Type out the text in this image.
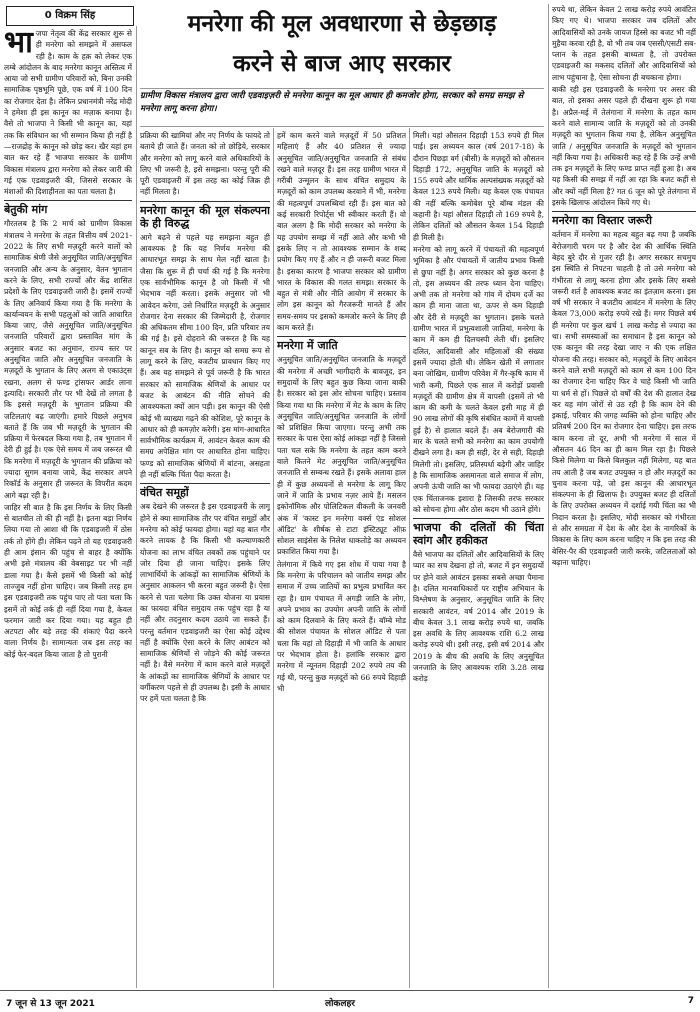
0 विक्रम सिंह	मनरेगा की मूल अवधारणा से छेड़छाड़
करने से बाज आए सरकार
ग्रामीण विकास मंत्रालय द्वारा जारी एडवाइज़री से मनरेगा कानून का मूल आधार ही कमजोर होगा, सरकार को समग्र समझ से मनरेगा लागू करना होगा।

भाजपा नेतृत्व की केंद्र सरकार शुरू से ही मनरेगा को समझने में असफल रही है। काम के हक़ को लेकर एक लम्बे आंदोलन के बाद मनरेगा कानून अस्तित्व में आया जो सभी ग्रामीण परिवारों को, बिना उनकी सामाजिक पृष्ठभूमि पूछे, एक वर्ष में 100 दिन का रोजगार देता है। लेकिन प्रधानमंत्री नरेंद्र मोदी ने हमेशा ही इस कानून का मज़ाक बनाया है। वैसे तो भाजपा ने किसी भी कानून का, यहां तक कि संविधान का भी सम्मान किया ही नहीं है—राजद्रोह के कानून को छोड़ कर। खैर यहां हम बात कर रहे हैं भाजपा सरकार के ग्रामीण विकास मंत्रालय द्वारा मनरेगा को लेकर जारी की गई एक एडवाइजरी की, जिससे सरकार के मंशाओं की दिशाहीनता का पता चलता है।

बेतुकी मांग

गौरतलब है कि 2 मार्च को ग्रामीण विकास मंत्रालय ने मनरेगा के तहत वित्तीय वर्ष 2021-2022 के लिए सभी मज़दूरी करने वालों को सामाजिक श्रेणी जैसे अनुसूचित जाति/अनुसूचित जनजाति और अन्य के अनुसार, वेतन भुगतान करने के लिए, सभी राज्यों और केंद्र शासित प्रदेशों के लिए एडवाइजरी जारी है। इसमें राज्यों के लिए अनिवार्य किया गया है कि मनरेगा के कार्यान्वयन के सभी पहलुओं को जाति आधारित किया जाए, जैसे अनुसूचित जाति/अनुसूचित जनजाति परिवारों द्वारा प्रस्तावित मांग के अनुसार बजट का अनुमान, राज्य स्तर पर अनुसूचित जाति और अनुसूचित जनजाति के मज़दूरों के भुगतान के लिए अलग से एकाउंट्स रखना, अलग से फण्ड ट्रांसफर आर्डर लाना इत्यादि। सरकारी तौर पर भी देखें तो लगता है कि इससे मज़दूरी के भुगतान प्रक्रिया की जटिलताएं बढ़ जाएंगी। हमारे पिछले अनुभव बताते हैं कि जब भी मज़दूरी के भुगतान की प्रक्रिया में फेरबदल किया गया है, तब भुगतान में देरी ही हुई है। एक ऐसे समय में जब जरूरत थी कि मनरेगा में मज़दूरी के भुगतान की प्रक्रिया को ज्यादा सुगम बनाया जाये, केंद्र सरकार अपने रिकॉर्ड के अनुसार ही जरूरत के विपरीत कदम आगे बढ़ा रही है।

जाहिर सी बात है कि इस निर्णय के लिए किसी से बातचीत तो की ही नहीं है। इतना बड़ा निर्णय लिया गया तो आशा थी कि एडवाइजरी में ठोस तर्क तो होंगे ही। लेकिन पढ़ने तो यह एडवाइजरी ही आम इंसान की पहुंच से बाहर है क्योंकि अभी इसे मंत्रालय की वेबसाइट पर भी नहीं डाला गया है। कैसे इसमें भी किसी को कोई ताज्जुब नहीं होना चाहिए। जब किसी तरह हम इस एडवाइजरी तक पहुंच पाए तो पता चला कि इसमें तो कोई तर्क ही नहीं दिया गया है, केवल फरमान जारी कर दिया गया। यह बहुत ही अटपटा और बड़े तरह की शंकाएं पैदा करने वाला निर्णय है। सामान्यतः जब इस तरह का कोई फेर-बदल किया जाता है तो पुरानी

प्रक्रिया की खामियां और नए निर्णय के फायदे तो बताये ही जाते हैं। जनता को तो छोड़िये, सरकार और मनरेगा को लागू करने वाले अधिकारियों के लिए भी जरूरी है, इसे समझना। परन्तु पूरी की पूरी एडवाइजरी में इस तरह का कोई जिक्र ही नहीं मिलता है।

मनरेगा कानून की मूल संकल्पना के ही विरुद्ध

आगे बढ़ने से पहले यह समझना बहुत ही आवश्यक है कि यह निर्णय मनरेगा की आधारभूत समझ के साथ मेल नहीं खाता है। जैसा कि शुरू में ही चर्चा की गई है कि मनरेगा एक सार्वभौमिक कानून है जो किसी में भी भेदभाव नहीं करता। इसके अनुसार जो भी आवेदन करेगा, उसे निर्धारित मज़दूरी के अनुसार रोजगार देना सरकार की जिम्मेदारी है, रोजगार की अधिकतम सीमा 100 दिन, प्रति परिवार तय की गई है। इसे दोहराने की जरूरत है कि यह कानून सब के लिए है। कानून को समग्र रूप से लागू करने के लिए, बजटीय प्रावधान किए गए हैं। अब यह समझने से पूर्व जरूरी है कि भारत सरकार को सामाजिक श्रेणियों के आधार पर बजट के आबंटन की नीति सोचने की आवश्यकता क्यों आन पड़ी। इस कानून की ऐसी कोई भी व्याख्या गढ़ने की कोशिश, पूरे कानून के आधार को ही कमज़ोर करेगी। इस मांग-आधारित सार्वभौमिक कार्यक्रम में, आवंटन केवल काम की समग्र अपेक्षित मांग पर आधारित होना चाहिए। फण्ड को सामाजिक श्रेणियों में बांटना, असहता ही नहीं बल्कि चिंता पैदा करता है।

वंचित समूहों

अब देखने की जरूरत है इस एडवाइजरी के लागू होने से क्या सामाजिक तौर पर वंचित समूहों और मनरेगा को कोई फायदा होगा। यहां यह बात गौर करने लायक है कि किसी भी कल्याणकारी योजना का लाभ वंचित तबकों तक पहुंचाने पर जोर दिया ही जाना चाहिए। इसके लिए लाभार्थियों के आंकड़ों का सामाजिक श्रेणियों के अनुसार आकलन भी करना बहुत जरूरी है। ऐसा करने से पता चलेगा कि उक्त योजना या प्रयास का फायदा वंचित समुदाय तक पहुंच रहा है या नहीं और तदनुसार कदम उठाये जा सकते हैं। परन्तु वर्तमान एडवाइजरी का ऐसा कोई उद्देश्य नहीं है क्योंकि ऐसा करने के लिए आबंटन को सामाजिक श्रेणियों से जोड़ने की कोई जरूरत नहीं है। वैसे मनरेगा में काम करने वाले मज़दूरों के आंकड़ों का सामाजिक श्रेणियों के आधार पर वर्गीकरण पहले से ही उपलब्ध है। इसी के आधार पर हमें पता चलता है कि

हमें काम करने वाले मज़दूरों में 50 प्रतिशत महिलाएं हैं और 40 प्रतिशत से ज्यादा अनुसूचित जाति/अनुसूचित जनजाति से संबंध रखने वाले मज़दूर हैं। इस तरह ग्रामीण भारत में गरीबी उन्मूलन के साथ वंचित समुदाय के मज़दूरों को काम उपलब्ध करवाने में भी, मनरेगा की महत्वपूर्ण उपलब्धियां रही हैं। इस बात को कई सरकारी रिपोर्ट्स भी स्वीकार करती हैं। वो बात अलग है कि मोदी सरकार को मनरेगा के यह उपयोग समझ में नहीं आते और कभी भी इसके लिए न तो आवश्यक सम्मान के शब्द प्रयोग किए गए हैं और न ही जरूरी बजट मिला है। इसका कारण है भाजपा सरकार को ग्रामीण भारत के विकास की गलत समझ। सरकार के बहुत से मंत्री और नीति आयोग में सरकार के लोग इस कानून को गैरजरूरी मानते हैं और समय-समय पर इसको कमजोर करने के लिए ही काम करते हैं।

मनरेगा में जाति

अनुसूचित जाति/अनुसूचित जनजाति के मज़दूरों की मनरेगा में अच्छी भागीदारी के बावजूद, इन समुदायों के लिए बहुत कुछ किया जाना बाकी है। सरकार को इस ओर सोचना चाहिए। प्रस्ताव किया गया था कि मनरेगा में मेट के काम के लिए अनुसूचित जाति/अनुसूचित जनजाति के लोगों को प्रशिक्षित किया जाएगा। परन्तु अभी तक सरकार के पास ऐसा कोई आंकड़ा नहीं है जिससे पता चल सके कि मनरेगा के तहत काम करने वाले कितने मेट अनुसूचित जाति/अनुसूचित जनजाति से सम्बन्ध रखते हैं। इसके अलावा हाल ही में कुछ अध्ययनों से मनरेगा के लागू किए जाने में जाति के प्रभाव नज़र आये हैं। मसलन इकोनॉमिक और पोलिटिकल वीकली के जनवरी अंक में 'कास्ट इन मनरेगा वर्क्स एंड सोशल ऑडिट' के शीर्षक से टाटा इंस्टिट्यूट ऑफ़ सोशल साइंसेस के निलेश धाकतोड़े का अध्ययन प्रकाशित किया गया है।

तेलंगाना में किये गए इस शोध में पाया गया है कि मनरेगा के परिचालन को जातीय समझ और समाज में उच्च जातियों का प्रभुत्व प्रभावित कर रहा है। ग्राम पंचायत में अगड़ी जाति के लोग, अपने प्रभाव का उपयोग अपनी जाति के लोगों को काम दिलवाने के लिए करते हैं। बॉम्बे मोड की सोशल पंचायत के सोशल ऑडिट से पता चला कि यहां तो दिहाड़ी में भी जाति के आधार पर भेदभाव होता है। हलांकि सरकार द्वारा मनरेगा में न्यूनतम दिहाड़ी 202 रुपये तय की गई थी, परन्तु कुछ मज़दूरों को 66 रुपये दिहाड़ी भी

मिली। यहां औसतन दिहाड़ी 153 रुपये ही मिल पाई। इस अध्ययन काल (वर्ष 2017-18) के दौरान पिछड़ा वर्ग (बीसी) के मज़दूरों को औसतन दिहाड़ी 172, अनुसूचित जाति के मज़दूरों को 155 रुपये और धार्मिक अल्पसंख्यक मज़दूरों को केवल 123 रुपये मिली। यह केवल एक पंचायत की नहीं बल्कि कमोबेश पूरे बॉम्ब मंडल की कहानी है। यहां औसत दिहाड़ी तो 169 रुपये है, लेकिन दलितों को औसतन केवल 154 दिहाड़ी ही मिली है।

मनरेगा को लागू करने में पंचायतों की महत्वपूर्ण भूमिका है और पंचायतों में जातीय प्रभाव किसी से छुपा नहीं है। अगर सरकार को कुछ करना है तो, इस अध्ययन की तरफ ध्यान देना चाहिए। अभी तक तो मनरेगा को गांव में दोयम दर्जे का काम ही माना जाता था, ऊपर से कम दिहाड़ी और देरी से मज़दूरी का भुगतान। इसके चलते ग्रामीण भारत में प्रभुत्वशाली जातियां, मनरेगा के काम में कम ही दिलचस्पी लेती थीं। इसलिए दलित, आदिवासी और महिलाओं की संख्या इसमें ज्यादा होती थी। लेकिन खेती में लगातार बना जोखिम, ग्रामीण परिवेश में गैर-कृषि काम में भारी कमी, पिछले एक साल में करोड़ों प्रवासी मज़दूरों की ग्रामीण क्षेत्र में वापसी (इसमें तो भी काम की कमी के चलते केवल इसी माह में ही 90 लाख लोगों की कृषि संबंधित कामों में वापसी हुई है) से हालात बदले हैं। अब बेरोजगारी की मार के चलते सभी को मनरेगा का काम उपयोगी दीखने लगा है। कम ही सही, देर से सही, दिहाड़ी मिलेगी तो। इसलिए, प्रतिस्पर्धा बढ़ेगी और जाहिर है कि सामाजिक असमानता वाले समाज में लोग, अपनी ऊंची जाति का भी फायदा उठाएंगे ही। यह एक चिंताजनक इशारा है जिसकी तरफ सरकार को सोचना होगा और ठोस कदम भी उठाने होंगे।

भाजपा की दलितों की चिंता स्वांग और हकीकत

वैसे भाजपा का दलितों और आदिवासियों के लिए प्यार का सच देखना हो तो, बजट में इन समुदायों पर होने वाले आवंटन इसका सबसे अच्छा पैमाना है। दलित मानवाधिकारों पर राष्ट्रीय अभियान के विश्लेषण के अनुसार, अनुसूचित जाति के लिए सरकारी आवंटन, वर्ष 2014 और 2019 के बीच केवल 3.1 लाख करोड़ रुपये था, जबकि इस अवधि के लिए आवश्यक राशि 6.2 लाख करोड़ रुपये थी। इसी तरह, इसी वर्ष 2014 और 2019 के बीच की अवधि के लिए अनुसूचित जनजाति के लिए आवश्यक राशि 3.28 लाख करोड़

रुपये था, लेकिन केवल 2 लाख करोड़ रुपये आवंटित किए गए थे। भाजपा सरकार जब दलितों और आदिवासियों को उनके जायज हिस्से का बजट भी नहीं मुहैया करवा रही है, वो भी तब जब एससी/एसटी सब-प्लान के तहत इसकी बाध्यता है, तो उपरोक्त एडवाइजरी का मकसद दलितों और आदिवासियों को लाभ पहुंचाना है, ऐसा सोचना ही बचकाना होगा।

बाकी रही इस एडवाइजरी के मनरेगा पर असर की बात, तो इसका असर पहले ही दीखना शुरू हो गया है। अप्रैल-मई में तेलंगाना में मनरेगा के तहत काम करने वाले सामान्य जाति के मज़दूरों को तो उनकी मज़दूरी का भुगतान किया गया है, लेकिन अनुसूचित जाति / अनुसूचित जनजाति के मज़दूरों को भुगतान नहीं किया गया है। अधिकारी कह रहे हैं कि उन्हें अभी तक इन मज़दूरों के लिए फण्ड प्राप्त नहीं हुआ है। अब यह किसी की समझ में नहीं आ रहा कि बजट कहीं से और क्यों नहीं मिला है? गत 6 जून को पूरे तेलंगाना में इसके खिलाफ आंदोलन किये गए थे।

मनरेगा का विस्तार जरूरी

वर्तमान में मनरेगा का महत्व बहुत बढ़ गया है जबकि बेरोजगारी चरम पर है और देश की आर्थिक स्थिति बेहद बुरे दौर से गुजर रही है। अगर सरकार सचमुच इस स्थिति से निपटना चाहती है तो उसे मनरेगा को गंभीरता से लागू करना होगा और इसके लिए सबसे जरूरी शर्त है आवश्यक बजट का इंतज़ाम करना। इस वर्ष भी सरकार ने बजटीय आवंटन में मनरेगा के लिए केवल 73,000 करोड़ रुपये रखे हैं। मगर पिछले वर्ष ही मनरेगा पर कुल खर्च 1 लाख करोड़ से ज्यादा का था। सभी समस्याओं का समाधान है इस कानून को एक कानून की तरह देखा जाए न की एक लक्षित योजना की तरह। सरकार को, मज़दूरों के लिए आवेदन करने वाले सभी मज़दूरों को काम से कम 100 दिन का रोजगार देना चाहिए फिर वे चाहे किसी भी जाति या धर्म से हों। पिछले दो वर्षों की देश की हालात देख कर यह मांग जोरों से उठ रही है कि काम देने की इकाई, परिवार की जगह व्यक्ति को होना चाहिए और प्रतिवर्ष 200 दिन का रोजगार देना चाहिए। इस तरफ काम करना तो दूर, अभी भी मनरेगा में साल में औसतन 46 दिन का ही काम मिल रहा है। पिछले किसे मिलेगा या किसे बिलकुल नहीं मिलेगा, यह बात तय आती है जब बजट उपयुक्त न हो और मज़दूरों का चुनाव करना पड़े, जो इस कानून की आधारभूत संकल्पना के ही खिलाफ है। उपयुक्त बजट ही दलितों के लिए उपरोक्त अध्ययन में दर्शाई गयी चिंता का भी निदान करता है। इसलिए, मोदी सरकार को गंभीरता से और समग्रता में देश के और देश के नागरिकों के विकास के लिए काम करना चाहिए न कि इस तरह की बेसिर-पैर की एडवाइजरी जारी करके, जटिलताओं को बढ़ाना चाहिए।

7 जून से 13 जून 2021	लोकलहर	7
